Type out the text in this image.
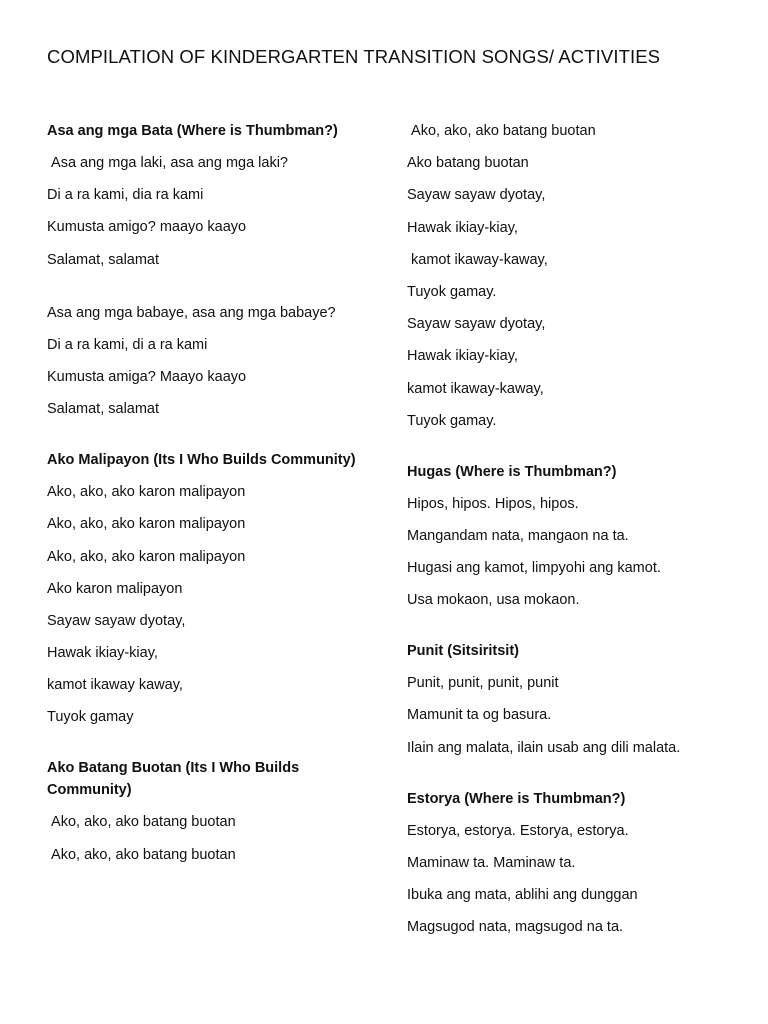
COMPILATION OF KINDERGARTEN TRANSITION SONGS/ ACTIVITIES
Asa ang mga Bata (Where is Thumbman?)
Asa ang mga laki, asa ang mga laki?
Di a ra kami, dia ra kami
Kumusta amigo? maayo kaayo
Salamat, salamat
Asa ang mga babaye, asa ang mga babaye?
Di a ra kami, di a ra kami
Kumusta amiga? Maayo kaayo
Salamat, salamat
Ako Malipayon (Its I Who Builds Community)
Ako, ako, ako karon malipayon
Ako, ako, ako karon malipayon
Ako, ako, ako karon malipayon
Ako karon malipayon
Sayaw sayaw dyotay,
Hawak ikiay-kiay,
kamot ikaway kaway,
Tuyok gamay
Ako Batang Buotan (Its I Who Builds Community)
Ako, ako, ako batang buotan
Ako, ako, ako batang buotan
Ako, ako, ako batang buotan
Ako batang buotan
Sayaw sayaw dyotay,
Hawak ikiay-kiay,
kamot ikaway-kaway,
Tuyok gamay.
Sayaw sayaw dyotay,
Hawak ikiay-kiay,
kamot ikaway-kaway,
Tuyok gamay.
Hugas (Where is Thumbman?)
Hipos, hipos. Hipos, hipos.
Mangandam nata, mangaon na ta.
Hugasi ang kamot, limpyohi ang kamot.
Usa mokaon, usa mokaon.
Punit (Sitsiritsit)
Punit, punit, punit, punit
Mamunit ta og basura.
Ilain ang malata, ilain usab ang dili malata.
Estorya (Where is Thumbman?)
Estorya, estorya. Estorya, estorya.
Maminaw ta. Maminaw ta.
Ibuka ang mata, ablihi ang dunggan
Magsugod nata, magsugod na ta.
